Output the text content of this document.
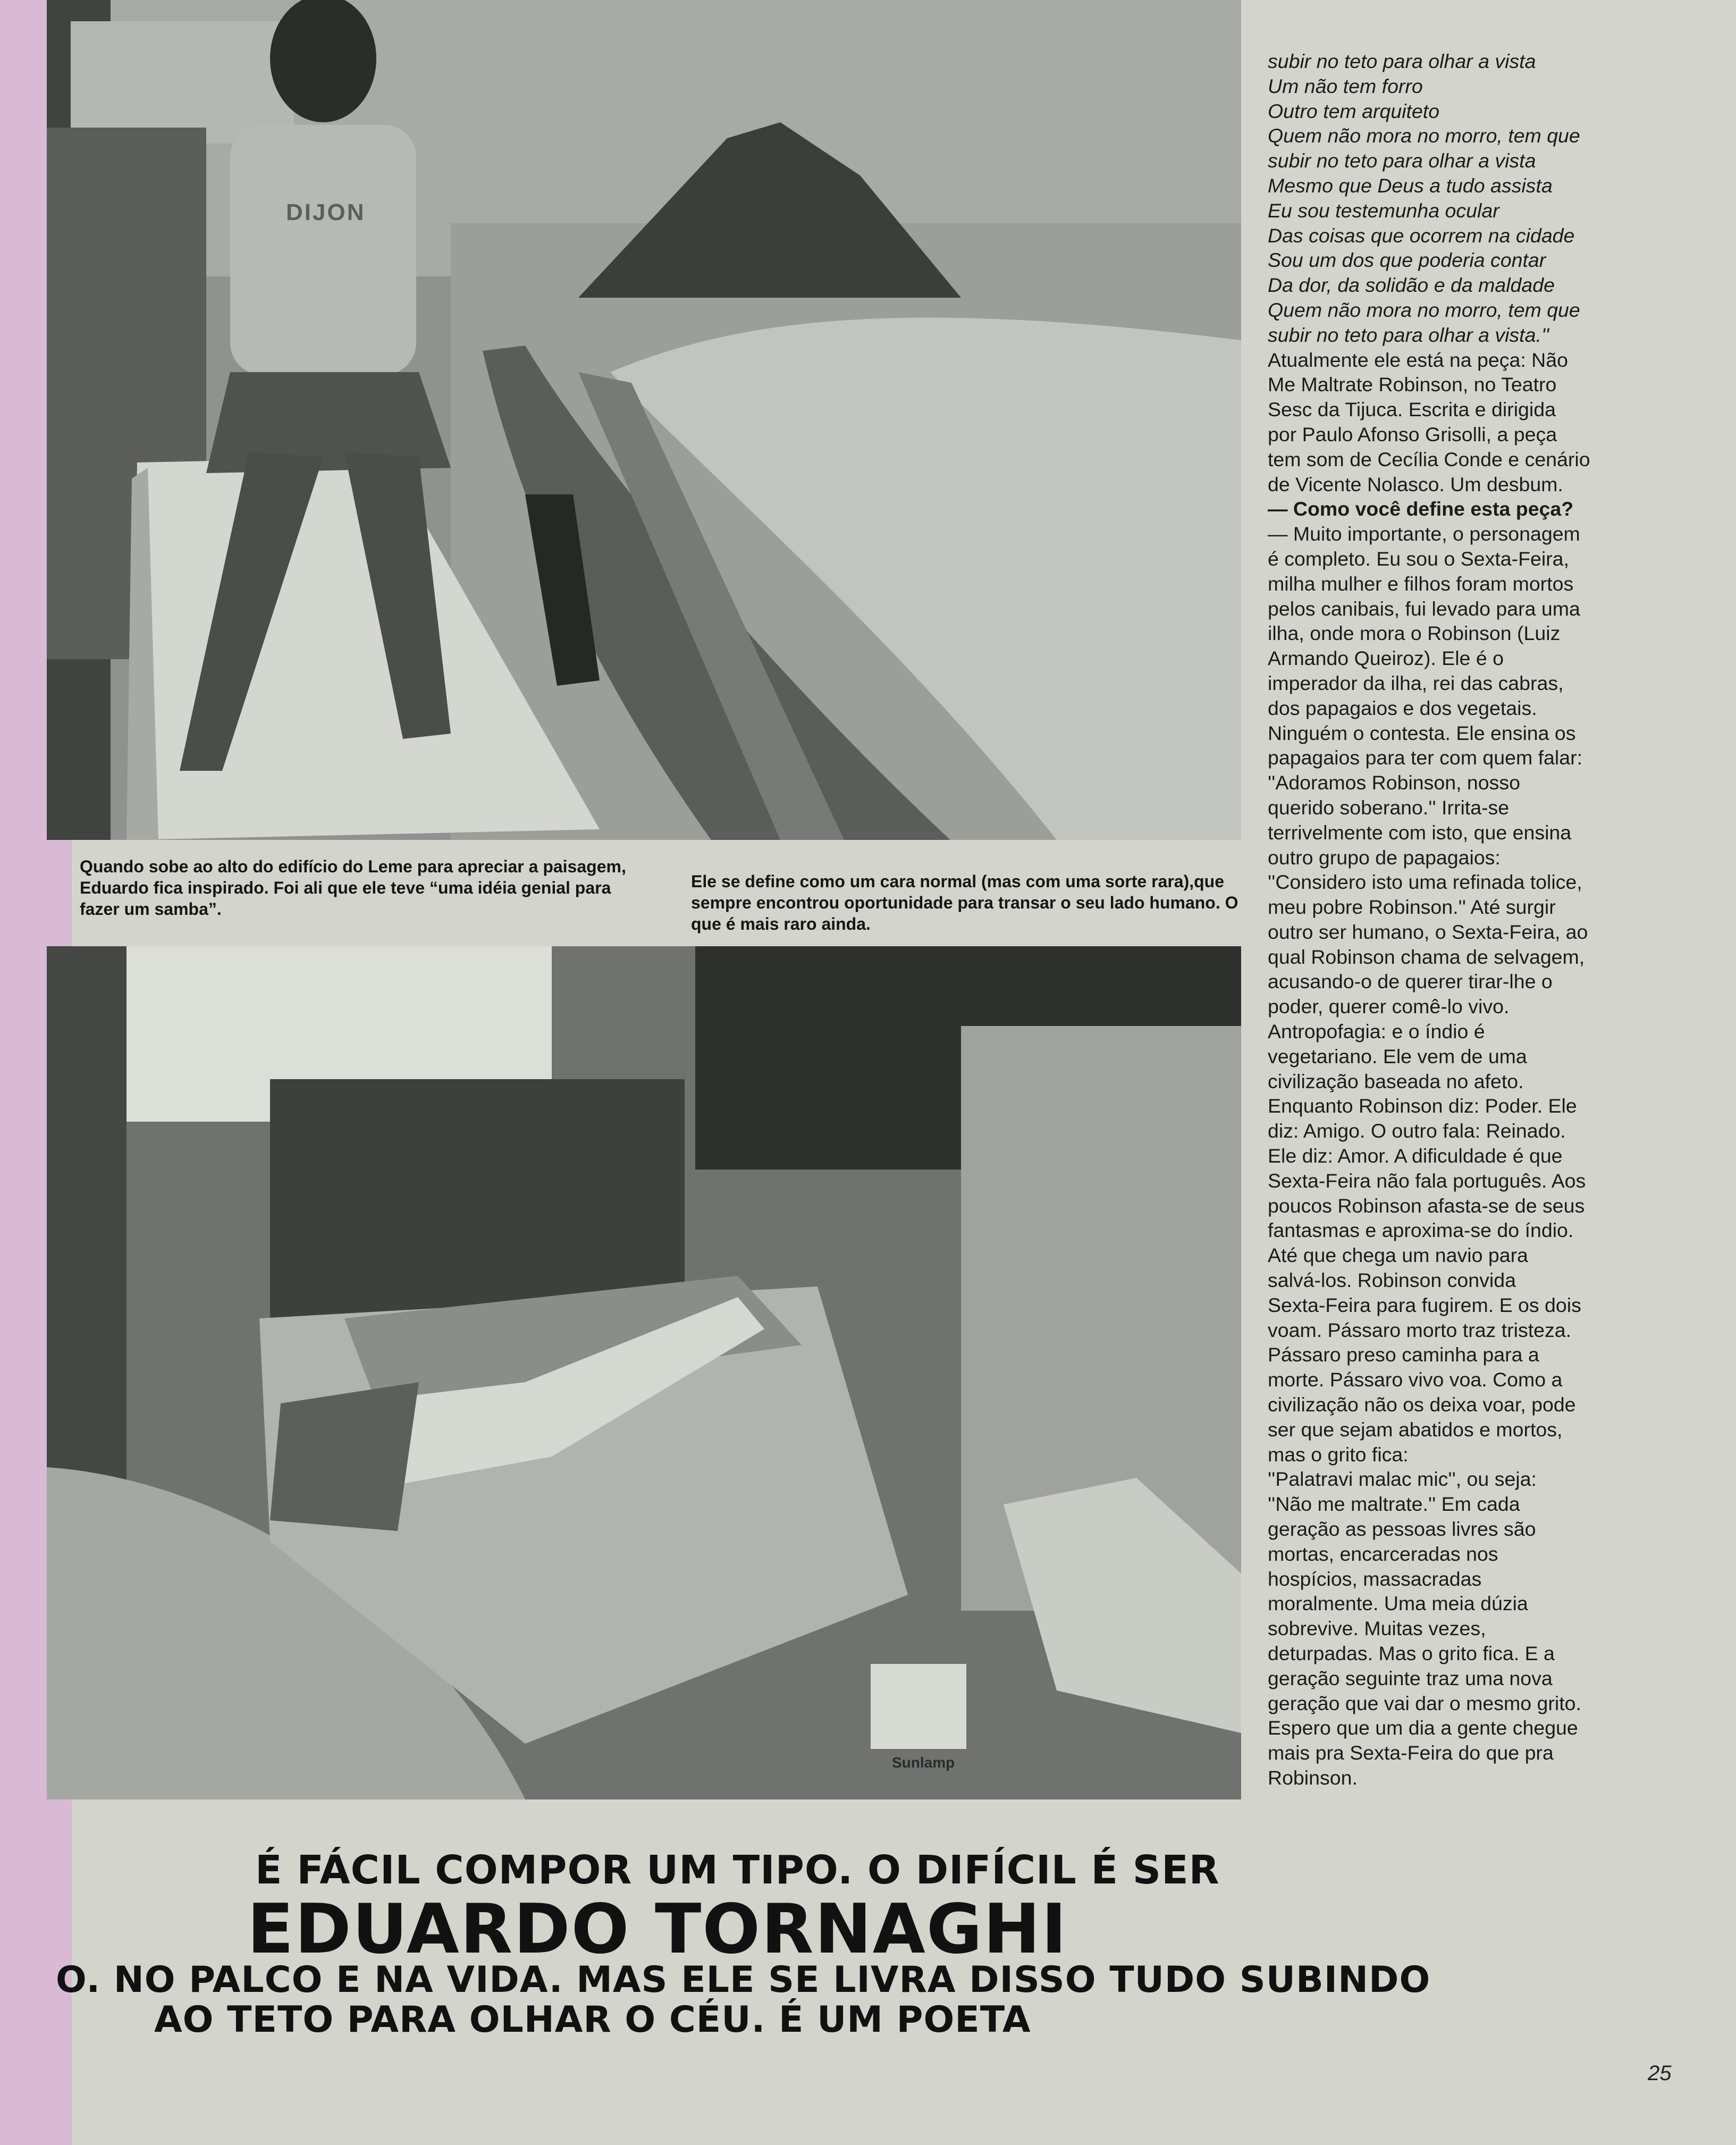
DIJON

Quando sobe ao alto do edifício do Leme para apreciar a paisagem, Eduardo fica inspirado. Foi ali que ele teve “uma idéia genial para fazer um samba”.

Ele se define como um cara normal (mas com uma sorte rara),que sempre encontrou oportunidade para transar o seu lado humano. O que é mais raro ainda.

Sunlamp

subir no teto para olhar a vista

Um não tem forro

Outro tem arquiteto

Quem não mora no morro, tem que

subir no teto para olhar a vista

Mesmo que Deus a tudo assista

Eu sou testemunha ocular

Das coisas que ocorrem na cidade

Sou um dos que poderia contar

Da dor, da solidão e da maldade

Quem não mora no morro, tem que

subir no teto para olhar a vista.''

Atualmente ele está na peça: Não

Me Maltrate Robinson, no Teatro

Sesc da Tijuca. Escrita e dirigida

por Paulo Afonso Grisolli, a peça

tem som de Cecília Conde e cenário

de Vicente Nolasco. Um desbum.

— Como você define esta peça?

— Muito importante, o personagem

é completo. Eu sou o Sexta-Feira,

milha mulher e filhos foram mortos

pelos canibais, fui levado para uma

ilha, onde mora o Robinson (Luiz

Armando Queiroz). Ele é o

imperador da ilha, rei das cabras,

dos papagaios e dos vegetais.

Ninguém o contesta. Ele ensina os

papagaios para ter com quem falar:

''Adoramos Robinson, nosso

querido soberano.'' Irrita-se

terrivelmente com isto, que ensina

outro grupo de papagaios:

''Considero isto uma refinada tolice,

meu pobre Robinson.'' Até surgir

outro ser humano, o Sexta-Feira, ao

qual Robinson chama de selvagem,

acusando-o de querer tirar-lhe o

poder, querer comê-lo vivo.

Antropofagia: e o índio é

vegetariano. Ele vem de uma

civilização baseada no afeto.

Enquanto Robinson diz: Poder. Ele

diz: Amigo. O outro fala: Reinado.

Ele diz: Amor. A dificuldade é que

Sexta-Feira não fala português. Aos

poucos Robinson afasta-se de seus

fantasmas e aproxima-se do índio.

Até que chega um navio para

salvá-los. Robinson convida

Sexta-Feira para fugirem. E os dois

voam. Pássaro morto traz tristeza.

Pássaro preso caminha para a

morte. Pássaro vivo voa. Como a

civilização não os deixa voar, pode

ser que sejam abatidos e mortos,

mas o grito fica:

''Palatravi malac mic'', ou seja:

''Não me maltrate.'' Em cada

geração as pessoas livres são

mortas, encarceradas nos

hospícios, massacradas

moralmente. Uma meia dúzia

sobrevive. Muitas vezes,

deturpadas. Mas o grito fica. E a

geração seguinte traz uma nova

geração que vai dar o mesmo grito.

Espero que um dia a gente chegue

mais pra Sexta-Feira do que pra

Robinson.

É FÁCIL COMPOR UM TIPO. O DIFÍCIL É SER

EDUARDO TORNAGHI

O. NO PALCO E NA VIDA. MAS ELE SE LIVRA DISSO TUDO SUBINDO

AO TETO PARA OLHAR O CÉU. É UM POETA

25
